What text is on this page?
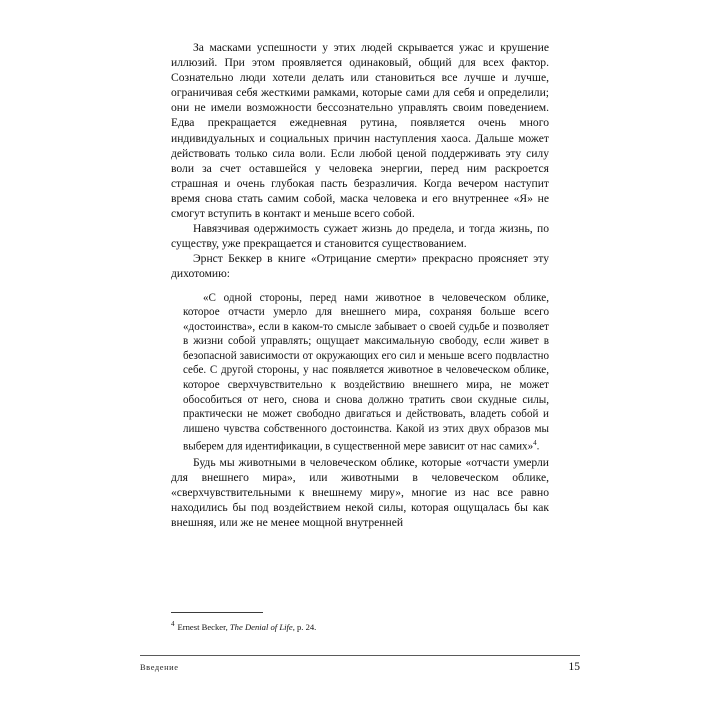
За масками успешности у этих людей скрывается ужас и крушение иллюзий. При этом проявляется одинаковый, общий для всех фактор. Сознательно люди хотели делать или становиться все лучше и лучше, ограничивая себя жесткими рамками, которые сами для себя и определили; они не имели возможности бессознательно управлять своим поведением. Едва прекращается ежедневная рутина, появляется очень много индивидуальных и социальных причин наступления хаоса. Дальше может действовать только сила воли. Если любой ценой поддерживать эту силу воли за счет оставшейся у человека энергии, перед ним раскроется страшная и очень глубокая пасть безразличия. Когда вечером наступит время снова стать самим собой, маска человека и его внутреннее «Я» не смогут вступить в контакт и меньше всего собой.

Навязчивая одержимость сужает жизнь до предела, и тогда жизнь, по существу, уже прекращается и становится существованием.

Эрнст Беккер в книге «Отрицание смерти» прекрасно проясняет эту дихотомию:

«С одной стороны, перед нами животное в человеческом облике, которое отчасти умерло для внешнего мира, сохраняя больше всего «достоинства», если в каком-то смысле забывает о своей судьбе и позволяет в жизни собой управлять; ощущает максимальную свободу, если живет в безопасной зависимости от окружающих его сил и меньше всего подвластно себе. С другой стороны, у нас появляется животное в человеческом облике, которое сверхчувствительно к воздействию внешнего мира, не может обособиться от него, снова и снова должно тратить свои скудные силы, практически не может свободно двигаться и действовать, владеть собой и лишено чувства собственного достоинства. Какой из этих двух образов мы выберем для идентификации, в существенной мере зависит от нас самих»$^4$.

Будь мы животными в человеческом облике, которые «отчасти умерли для внешнего мира», или животными в человеческом облике, «сверхчувствительными к внешнему миру», многие из нас все равно находились бы под воздействием некой силы, которая ощущалась бы как внешняя, или же не менее мощной внутренней

$^4$ Ernest Becker, The Denial of Life, p. 24.

Введение	15
